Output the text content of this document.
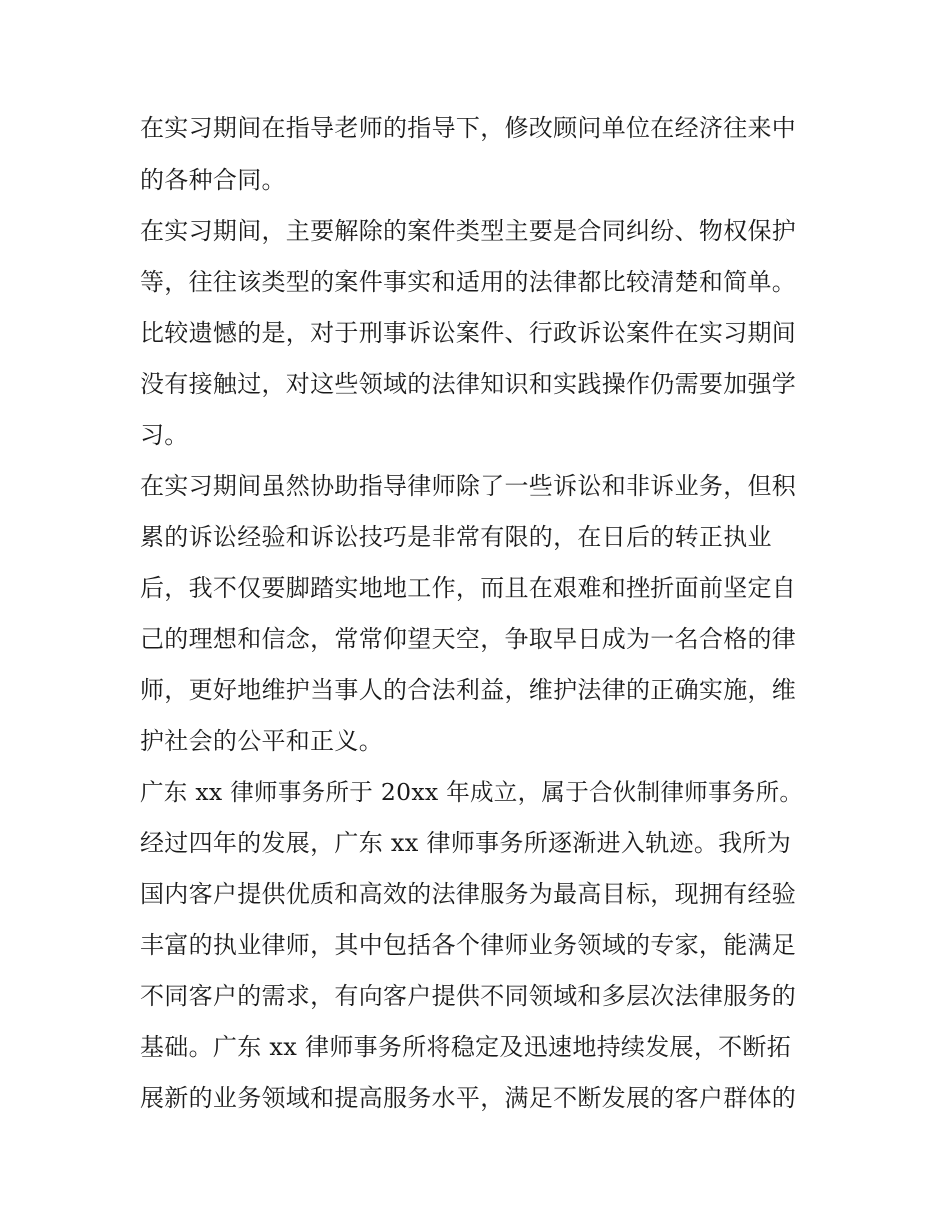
在实习期间在指导老师的指导下，修改顾问单位在经济往来中
的各种合同。
在实习期间，主要解除的案件类型主要是合同纠纷、物权保护
等，往往该类型的案件事实和适用的法律都比较清楚和简单。
比较遗憾的是，对于刑事诉讼案件、行政诉讼案件在实习期间
没有接触过，对这些领域的法律知识和实践操作仍需要加强学
习。
在实习期间虽然协助指导律师除了一些诉讼和非诉业务，但积
累的诉讼经验和诉讼技巧是非常有限的，在日后的转正执业
后，我不仅要脚踏实地地工作，而且在艰难和挫折面前坚定自
己的理想和信念，常常仰望天空，争取早日成为一名合格的律
师，更好地维护当事人的合法利益，维护法律的正确实施，维
护社会的公平和正义。
广东 xx 律师事务所于 20xx 年成立，属于合伙制律师事务所。
经过四年的发展，广东 xx 律师事务所逐渐进入轨迹。我所为
国内客户提供优质和高效的法律服务为最高目标，现拥有经验
丰富的执业律师，其中包括各个律师业务领域的专家，能满足
不同客户的需求，有向客户提供不同领域和多层次法律服务的
基础。广东 xx 律师事务所将稳定及迅速地持续发展，不断拓
展新的业务领域和提高服务水平，满足不断发展的客户群体的
